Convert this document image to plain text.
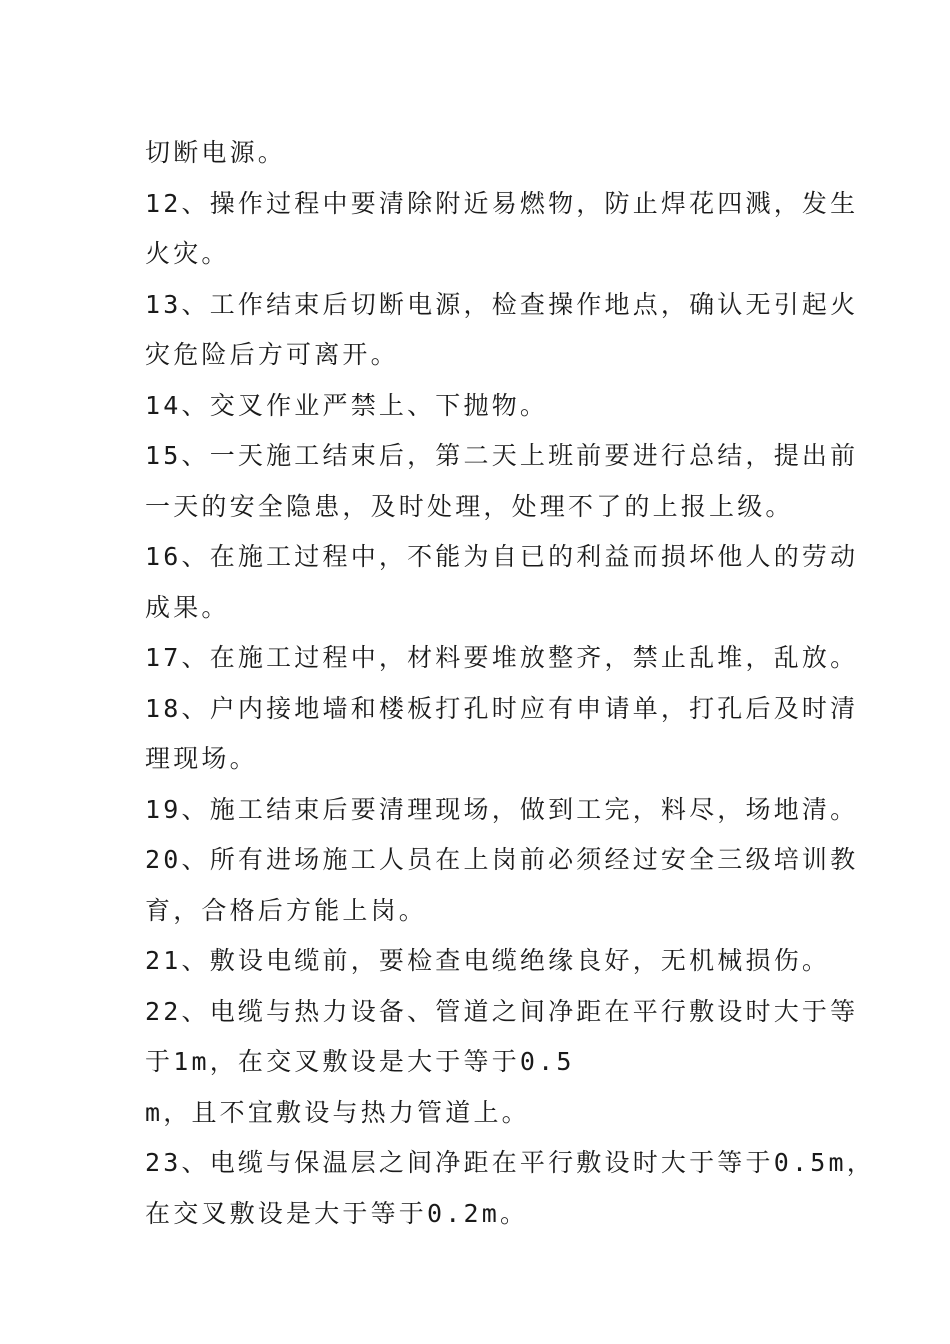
切断电源。
12、操作过程中要清除附近易燃物，防止焊花四溅，发生
火灾。
13、工作结束后切断电源，检查操作地点，确认无引起火
灾危险后方可离开。
14、交叉作业严禁上、下抛物。
15、一天施工结束后，第二天上班前要进行总结，提出前
一天的安全隐患，及时处理，处理不了的上报上级。
16、在施工过程中，不能为自已的利益而损坏他人的劳动
成果。
17、在施工过程中，材料要堆放整齐，禁止乱堆，乱放。
18、户内接地墙和楼板打孔时应有申请单，打孔后及时清
理现场。
19、施工结束后要清理现场，做到工完，料尽，场地清。
20、所有进场施工人员在上岗前必须经过安全三级培训教
育，合格后方能上岗。
21、敷设电缆前，要检查电缆绝缘良好，无机械损伤。
22、电缆与热力设备、管道之间净距在平行敷设时大于等
于1m，在交叉敷设是大于等于0.5
m，且不宜敷设与热力管道上。
23、电缆与保温层之间净距在平行敷设时大于等于0.5m，
在交叉敷设是大于等于0.2m。
